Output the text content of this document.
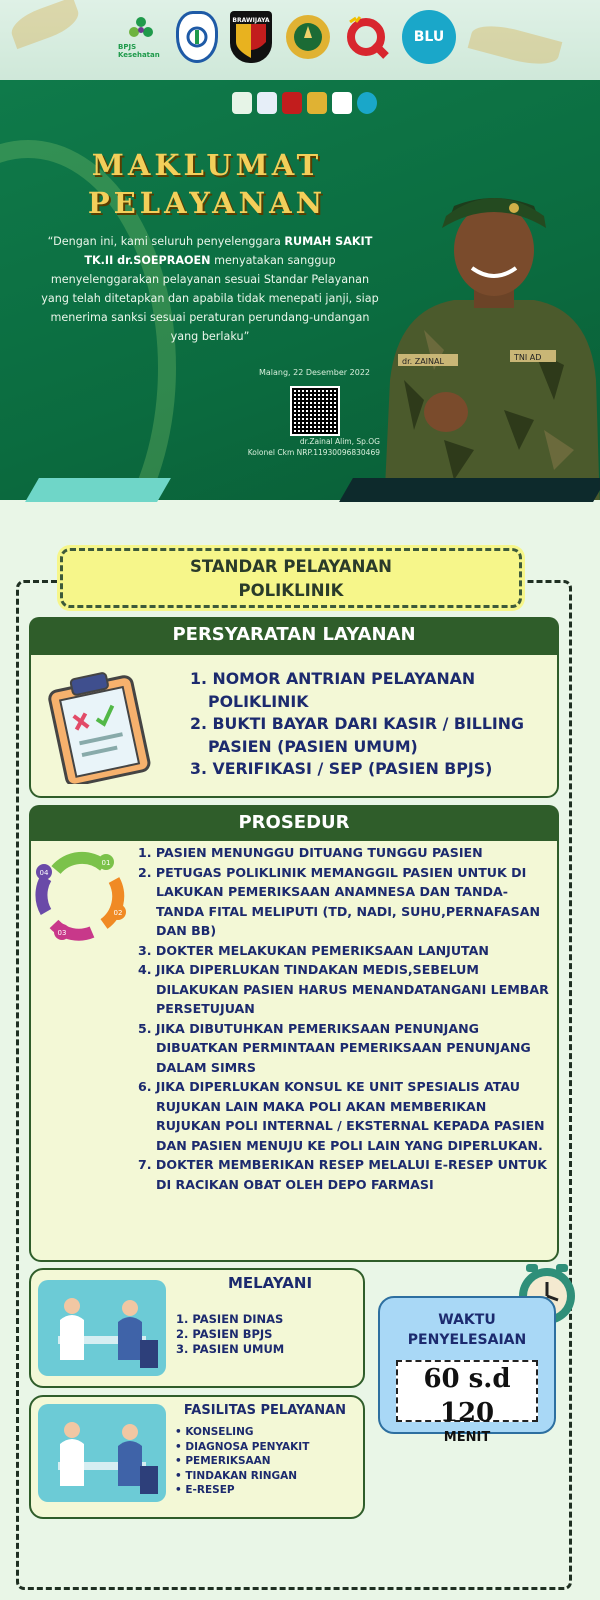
BPJS Kesehatan
BRAWIJAYA
BLU
MAKLUMAT
PELAYANAN
“Dengan ini, kami seluruh penyelenggara RUMAH SAKIT TK.II dr.SOEPRAOEN menyatakan sanggup menyelenggarakan pelayanan sesuai Standar Pelayanan yang telah ditetapkan dan apabila tidak menepati janji, siap menerima sanksi sesuai peraturan perundang-undangan yang berlaku”
Malang, 22 Desember 2022
dr.Zainal Alim, Sp.OG
Kolonel Ckm NRP.11930096830469
dr. ZAINAL	TNI AD
STANDAR PELAYANAN
POLIKLINIK
PERSYARATAN LAYANAN
1. NOMOR ANTRIAN PELAYANAN POLIKLINIK
2. BUKTI BAYAR DARI KASIR / BILLING PASIEN (PASIEN UMUM)
3. VERIFIKASI / SEP (PASIEN BPJS)
PROSEDUR
01
02
03
04
1. PASIEN MENUNGGU DITUANG TUNGGU PASIEN
2. PETUGAS POLIKLINIK MEMANGGIL PASIEN UNTUK DI LAKUKAN PEMERIKSAAN ANAMNESA DAN TANDA-TANDA FITAL MELIPUTI (TD, NADI, SUHU,PERNAFASAN DAN BB)
3. DOKTER MELAKUKAN PEMERIKSAAN LANJUTAN
4. JIKA DIPERLUKAN TINDAKAN MEDIS,SEBELUM DILAKUKAN PASIEN HARUS MENANDATANGANI LEMBAR PERSETUJUAN
5. JIKA DIBUTUHKAN PEMERIKSAAN PENUNJANG DIBUATKAN PERMINTAAN PEMERIKSAAN PENUNJANG DALAM SIMRS
6. JIKA DIPERLUKAN KONSUL KE UNIT SPESIALIS ATAU RUJUKAN LAIN MAKA POLI AKAN MEMBERIKAN RUJUKAN POLI INTERNAL / EKSTERNAL KEPADA PASIEN DAN PASIEN MENUJU KE POLI LAIN YANG DIPERLUKAN.
7. DOKTER MEMBERIKAN RESEP MELALUI E-RESEP UNTUK DI RACIKAN OBAT OLEH DEPO FARMASI
MELAYANI
1. PASIEN DINAS
2. PASIEN BPJS
3. PASIEN UMUM
FASILITAS PELAYANAN
• KONSELING
• DIAGNOSA PENYAKIT
• PEMERIKSAAN
• TINDAKAN RINGAN
• E-RESEP
WAKTU
PENYELESAIAN
60 s.d 120
MENIT
